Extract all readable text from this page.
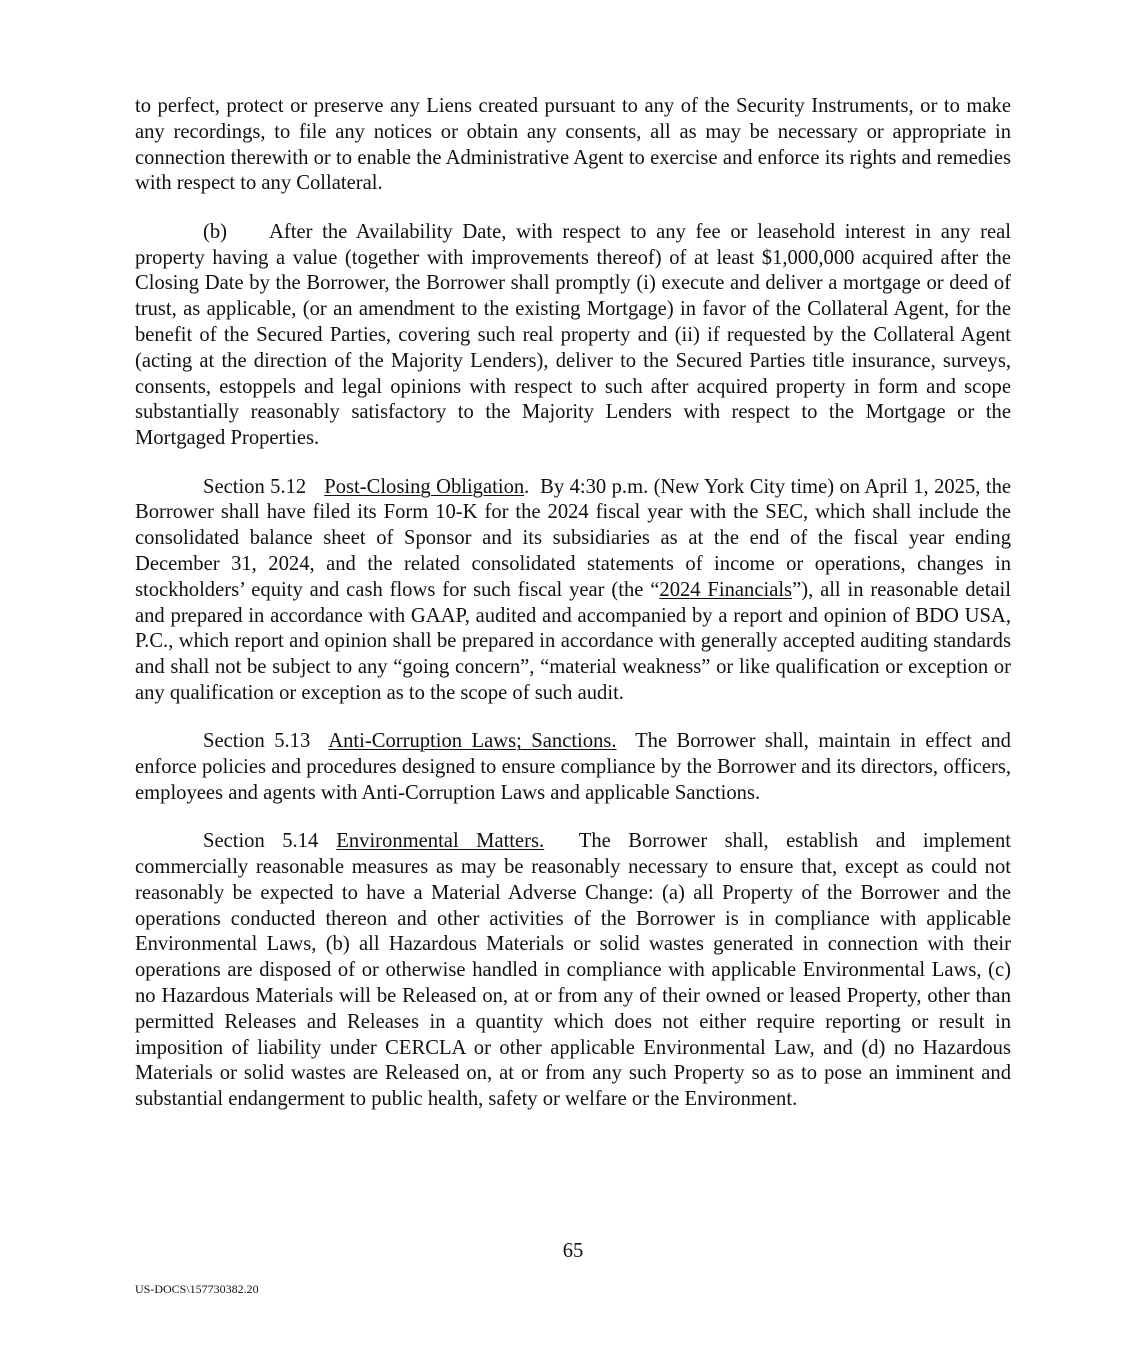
to perfect, protect or preserve any Liens created pursuant to any of the Security Instruments, or to make any recordings, to file any notices or obtain any consents, all as may be necessary or appropriate in connection therewith or to enable the Administrative Agent to exercise and enforce its rights and remedies with respect to any Collateral.

(b) After the Availability Date, with respect to any fee or leasehold interest in any real property having a value (together with improvements thereof) of at least $1,000,000 acquired after the Closing Date by the Borrower, the Borrower shall promptly (i) execute and deliver a mortgage or deed of trust, as applicable, (or an amendment to the existing Mortgage) in favor of the Collateral Agent, for the benefit of the Secured Parties, covering such real property and (ii) if requested by the Collateral Agent (acting at the direction of the Majority Lenders), deliver to the Secured Parties title insurance, surveys, consents, estoppels and legal opinions with respect to such after acquired property in form and scope substantially reasonably satisfactory to the Majority Lenders with respect to the Mortgage or the Mortgaged Properties.

Section 5.12 Post-Closing Obligation. By 4:30 p.m. (New York City time) on April 1, 2025, the Borrower shall have filed its Form 10-K for the 2024 fiscal year with the SEC, which shall include the consolidated balance sheet of Sponsor and its subsidiaries as at the end of the fiscal year ending December 31, 2024, and the related consolidated statements of income or operations, changes in stockholders’ equity and cash flows for such fiscal year (the “2024 Financials”), all in reasonable detail and prepared in accordance with GAAP, audited and accompanied by a report and opinion of BDO USA, P.C., which report and opinion shall be prepared in accordance with generally accepted auditing standards and shall not be subject to any “going concern”, “material weakness” or like qualification or exception or any qualification or exception as to the scope of such audit.

Section 5.13 Anti-Corruption Laws; Sanctions. The Borrower shall, maintain in effect and enforce policies and procedures designed to ensure compliance by the Borrower and its directors, officers, employees and agents with Anti-Corruption Laws and applicable Sanctions.

Section 5.14 Environmental Matters. The Borrower shall, establish and implement commercially reasonable measures as may be reasonably necessary to ensure that, except as could not reasonably be expected to have a Material Adverse Change: (a) all Property of the Borrower and the operations conducted thereon and other activities of the Borrower is in compliance with applicable Environmental Laws, (b) all Hazardous Materials or solid wastes generated in connection with their operations are disposed of or otherwise handled in compliance with applicable Environmental Laws, (c) no Hazardous Materials will be Released on, at or from any of their owned or leased Property, other than permitted Releases and Releases in a quantity which does not either require reporting or result in imposition of liability under CERCLA or other applicable Environmental Law, and (d) no Hazardous Materials or solid wastes are Released on, at or from any such Property so as to pose an imminent and substantial endangerment to public health, safety or welfare or the Environment.

65
US-DOCS\157730382.20
